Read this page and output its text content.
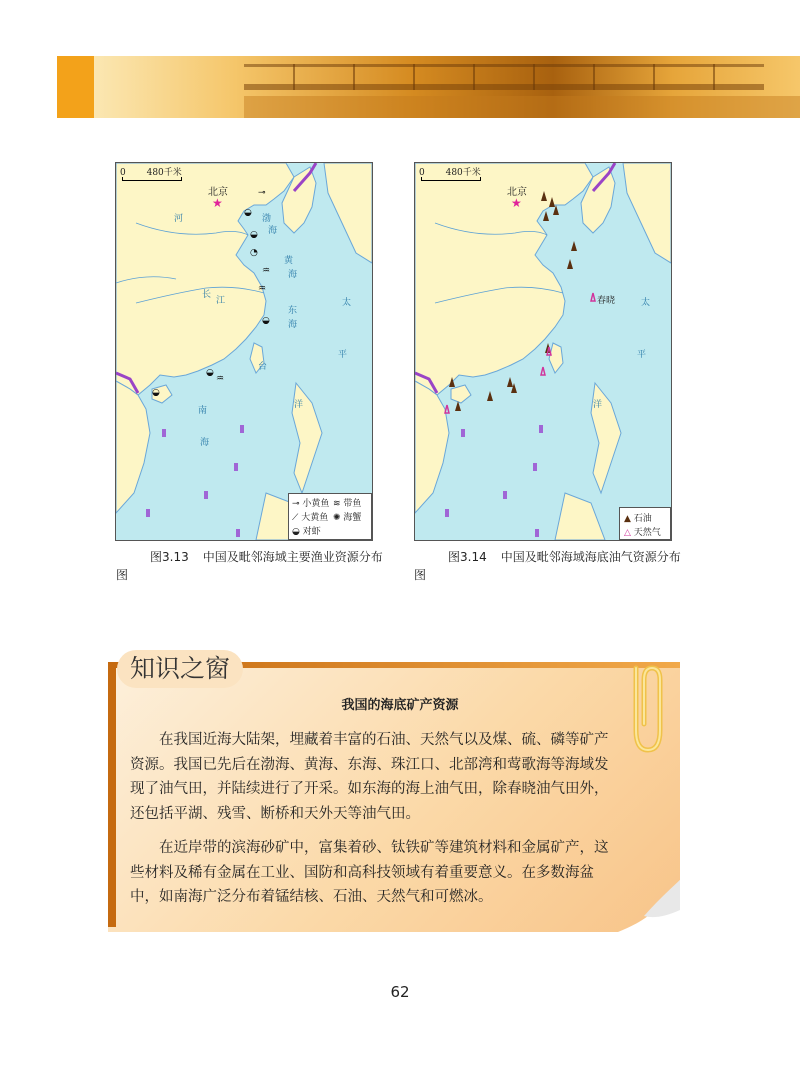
⊸
◒
◒
◔
♒
♒
◒
◒
♒
◒
0 480千米
★
北京
渤
海
黄
海
东
海
南
海
太
平
洋
河
长
江
台
⊸ 小黄鱼 ≋ 带鱼
⟋ 大黄鱼 ✺ 海蟹
◒ 对虾
0 480千米
★
北京
春晓	太
平
洋
▲ 石油
△ 天然气
图3.13 中国及毗邻海域主要渔业资源分布图
图3.14 中国及毗邻海域海底油气资源分布图
知识之窗
我国的海底矿产资源
在我国近海大陆架，埋藏着丰富的石油、天然气以及煤、硫、磷等矿产资源。我国已先后在渤海、黄海、东海、珠江口、北部湾和莺歌海等海域发现了油气田，并陆续进行了开采。如东海的海上油气田，除春晓油气田外，还包括平湖、残雪、断桥和天外天等油气田。
在近岸带的滨海砂矿中，富集着砂、钛铁矿等建筑材料和金属矿产，这些材料及稀有金属在工业、国防和高科技领域有着重要意义。在多数海盆中，如南海广泛分布着锰结核、石油、天然气和可燃冰。
62
